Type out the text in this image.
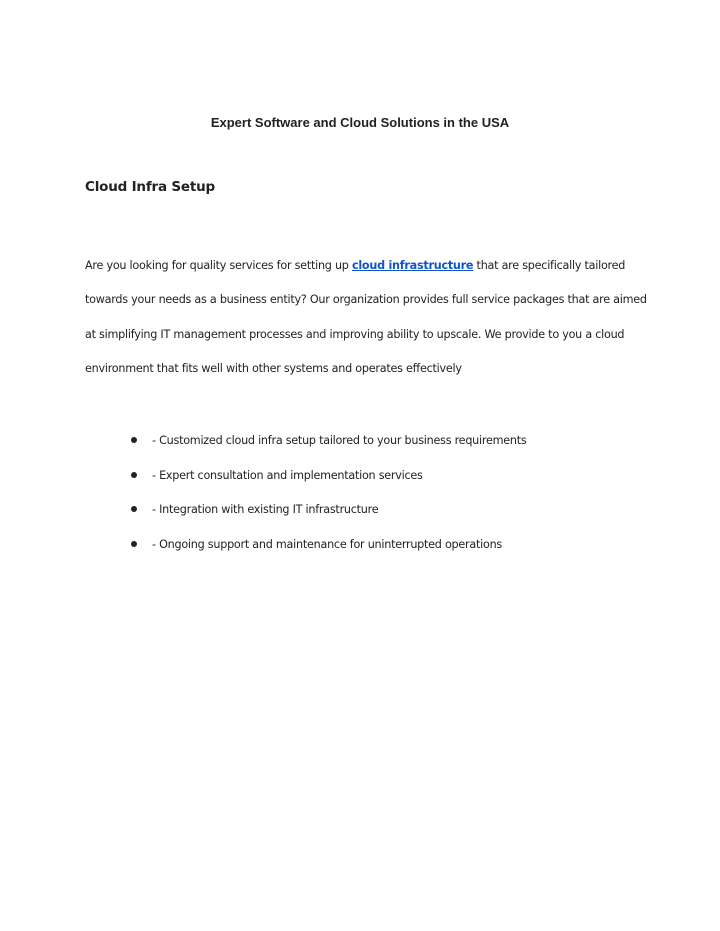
Expert Software and Cloud Solutions in the USA
Cloud Infra Setup
Are you looking for quality services for setting up cloud infrastructure that are specifically tailored
towards your needs as a business entity? Our organization provides full service packages that are aimed
at simplifying IT management processes and improving ability to upscale. We provide to you a cloud
environment that fits well with other systems and operates effectively
- Customized cloud infra setup tailored to your business requirements
- Expert consultation and implementation services
- Integration with existing IT infrastructure
- Ongoing support and maintenance for uninterrupted operations
